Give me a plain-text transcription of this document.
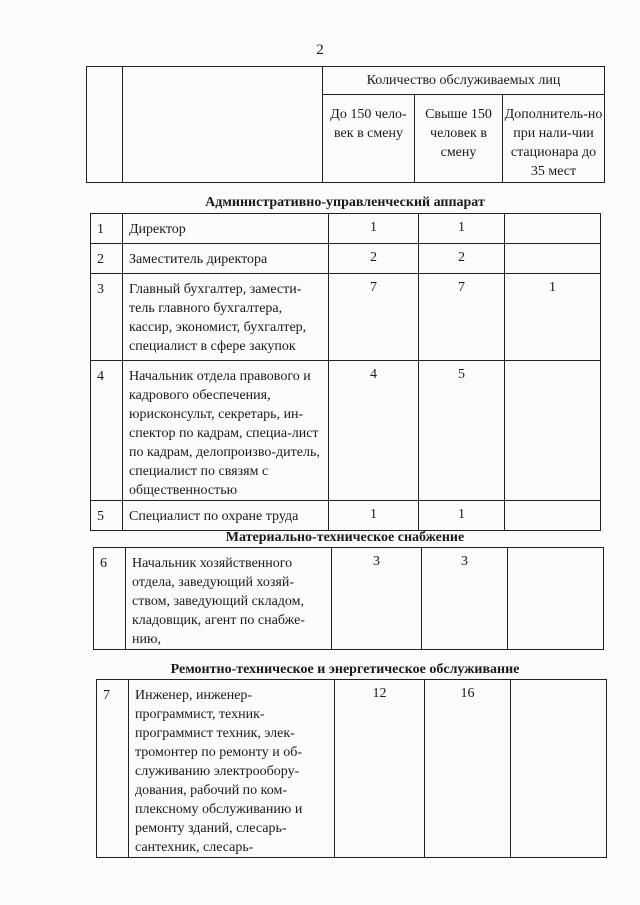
2
		Количество обслуживаемых лиц		
		До 150 чело-век в смену	Свыше 150 человек в смену	Дополнитель-но при нали-чии стационара до 35 мест
Административно-управленческий аппарат
1	Директор	1	1	
2	Заместитель директора	2	2	
3	Главный бухгалтер, замести-тель главного бухгалтера, кассир, экономист, бухгалтер, специалист в сфере закупок	7	7	1
4	Начальник отдела правового и кадрового обеспечения, юрисконсульт, секретарь, ин-спектор по кадрам, специа-лист по кадрам, делопроизво-дитель, специалист по связям с общественностью	4	5	
5	Специалист по охране труда	1	1	
Материально-техническое снабжение
6	Начальник хозяйственного отдела, заведующий хозяй-ством, заведующий складом, кладовщик, агент по снабже-нию,	3	3	
Ремонтно-техническое и энергетическое обслуживание
7	Инженер, инженер-программист, техник-программист техник, элек-тромонтер по ремонту и об-служиванию электрообору-дования, рабочий по ком-плексному обслуживанию и ремонту зданий, слесарь-сантехник, слесарь-	12	16	
